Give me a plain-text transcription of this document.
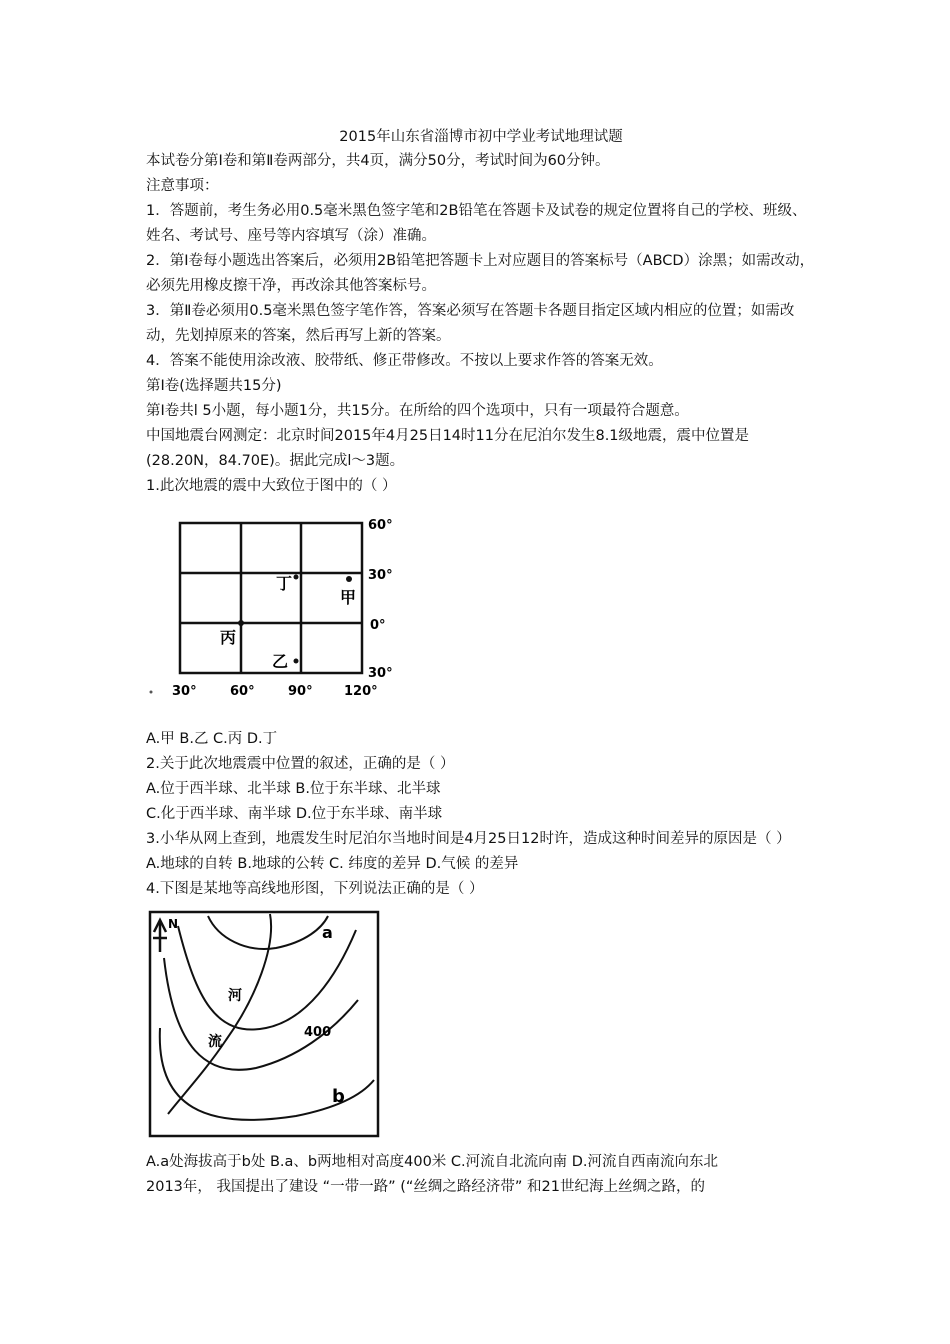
2015年山东省淄博市初中学业考试地理试题

本试卷分第Ⅰ卷和第Ⅱ卷两部分，共4页，满分50分，考试时间为60分钟。

注意事项：

1．答题前，考生务必用0.5毫米黑色签字笔和2B铅笔在答题卡及试卷的规定位置将自己的学校、班级、姓名、考试号、座号等内容填写（涂）准确。

2．第Ⅰ卷每小题选出答案后，必须用2B铅笔把答题卡上对应题目的答案标号（ABCD）涂黑；如需改动，必须先用橡皮擦干净，再改涂其他答案标号。

3．第Ⅱ卷必须用0.5毫米黑色签字笔作答，答案必须写在答题卡各题目指定区域内相应的位置；如需改动，先划掉原来的答案，然后再写上新的答案。

4．答案不能使用涂改液、胶带纸、修正带修改。不按以上要求作答的答案无效。

第I卷(选择题共15分)

第I卷共l 5小题，每小题1分，共15分。在所给的四个选项中，只有一项最符合题意。

中国地震台网测定：北京时间2015年4月25日14时11分在尼泊尔发生8.1级地震，震中位置是(28.20N，84.70E)。据此完成l～3题。

1.此次地震的震中大致位于图中的（ ）

60°
30°
0°
30°
30°	60°	90° 120°
丁
甲
丙
乙

A.甲 B.乙 C.丙 D.丁

2.关于此次地震震中位置的叙述，正确的是（ ）

A.位于西半球、北半球 B.位于东半球、北半球

C.化于西半球、南半球 D.位于东半球、南半球

3.小华从网上查到，地震发生时尼泊尔当地时间是4月25日12时许，造成这种时间差异的原因是（ ）

A.地球的自转 B.地球的公转 C. 纬度的差异 D.气候 的差异

4.下图是某地等高线地形图，下列说法正确的是（ ）

N	a
河
400
流
b

A.a处海拔高于b处 B.a、b两地相对高度400米 C.河流自北流向南 D.河流自西南流向东北

2013年， 我国提出了建设 “一带一路” (“丝绸之路经济带” 和21世纪海上丝绸之路，的
